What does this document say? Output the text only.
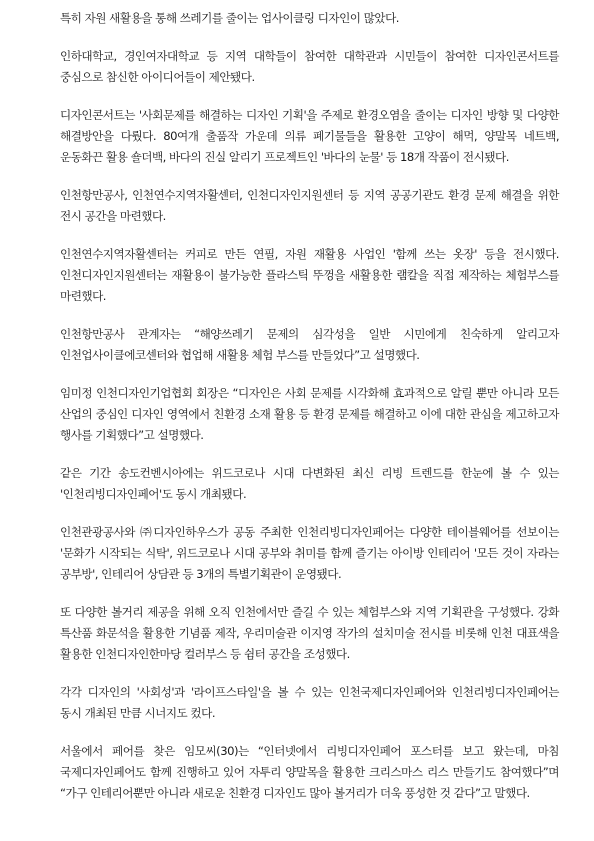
특히 자원 새활용을 통해 쓰레기를 줄이는 업사이클링 디자인이 많았다.

인하대학교, 경인여자대학교 등 지역 대학들이 참여한 대학관과 시민들이 참여한 디자인콘서트를 중심으로 참신한 아이디어들이 제안됐다.

디자인콘서트는 '사회문제를 해결하는 디자인 기획'을 주제로 환경오염을 줄이는 디자인 방향 및 다양한 해결방안을 다뤘다. 80여개 출품작 가운데 의류 폐기물들을 활용한 고양이 해먹, 양말목 네트백, 운동화끈 활용 숄더백, 바다의 진실 알리기 프로젝트인 '바다의 눈물' 등 18개 작품이 전시됐다.

인천항만공사, 인천연수지역자활센터, 인천디자인지원센터 등 지역 공공기관도 환경 문제 해결을 위한 전시 공간을 마련했다.

인천연수지역자활센터는 커피로 만든 연필, 자원 재활용 사업인 '함께 쓰는 옷장' 등을 전시했다. 인천디자인지원센터는 재활용이 불가능한 플라스틱 뚜껑을 새활용한 램칼을 직접 제작하는 체험부스를 마련했다.

인천항만공사 관계자는 “해양쓰레기 문제의 심각성을 일반 시민에게 친숙하게 알리고자 인천업사이클에코센터와 협업해 새활용 체험 부스를 만들었다”고 설명했다.

임미정 인천디자인기업협회 회장은 “디자인은 사회 문제를 시각화해 효과적으로 알릴 뿐만 아니라 모든 산업의 중심인 디자인 영역에서 친환경 소재 활용 등 환경 문제를 해결하고 이에 대한 관심을 제고하고자 행사를 기획했다”고 설명했다.

같은 기간 송도컨벤시아에는 위드코로나 시대 다변화된 최신 리빙 트렌드를 한눈에 볼 수 있는 '인천리빙디자인페어'도 동시 개최됐다.

인천관광공사와 ㈜디자인하우스가 공동 주최한 인천리빙디자인페어는 다양한 테이블웨어를 선보이는 '문화가 시작되는 식탁', 위드코로나 시대 공부와 취미를 함께 즐기는 아이방 인테리어 '모든 것이 자라는 공부방', 인테리어 상담관 등 3개의 특별기획관이 운영됐다.

또 다양한 볼거리 제공을 위해 오직 인천에서만 즐길 수 있는 체험부스와 지역 기획관을 구성했다. 강화 특산품 화문석을 활용한 기념품 제작, 우리미술관 이지영 작가의 설치미술 전시를 비롯해 인천 대표색을 활용한 인천디자인한마당 컬러부스 등 쉼터 공간을 조성했다.

각각 디자인의 '사회성'과 '라이프스타일'을 볼 수 있는 인천국제디자인페어와 인천리빙디자인페어는 동시 개최된 만큼 시너지도 컸다.

서울에서 페어를 찾은 임모씨(30)는 “인터넷에서 리빙디자인페어 포스터를 보고 왔는데, 마침 국제디자인페어도 함께 진행하고 있어 자투리 양말목을 활용한 크리스마스 리스 만들기도 참여했다”며 “가구 인테리어뿐만 아니라 새로운 친환경 디자인도 많아 볼거리가 더욱 풍성한 것 같다”고 말했다.
